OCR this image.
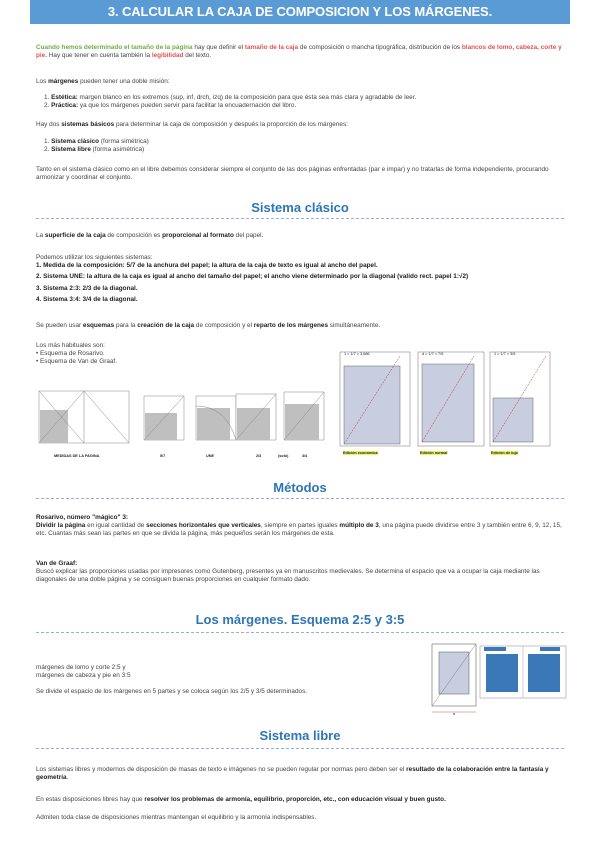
3. CALCULAR LA CAJA DE COMPOSICION Y LOS MÁRGENES.
Cuando hemos determinado el tamaño de la página hay que definir el tamaño de la caja de composición o mancha tipográfica, distribución de los blancos de lomo, cabeza, corte y pie. Hay que tener en cuenta también la legibilidad del texto.
Los márgenes pueden tener una doble misión:
1. Estética: margen blanco en los extremos (sup, inf, drch, izq) de la composición para que ésta sea más clara y agradable de leer.
2. Práctica: ya que los márgenes pueden servir para facilitar la encuadernación del libro.
Hay dos sistemas básicos para determinar la caja de composición y después la proporción de los márgenes:
1. Sistema clásico (forma simétrica)
2. Sistema libre (forma asimétrica)
Tanto en el sistema clásico como en el libre debemos considerar siempre el conjunto de las dos páginas enfrentadas (par e impar) y no tratarlas de forma independiente, procurando armonizar y coordinar el conjunto.
Sistema clásico
La superficie de la caja de composición es proporcional al formato del papel.
Podemos utilizar los siguientes sistemas:
1. Medida de la composición: 5/7 de la anchura del papel; la altura de la caja de texto es igual al ancho del papel.
2. Sistema UNE: la altura de la caja es igual al ancho del tamaño del papel; el ancho viene determinado por la diagonal (valido rect. papel 1:√2)
3. Sistema 2:3: 2/3 de la diagonal.
4. Sistema 3:4: 3/4 de la diagonal.
Se pueden usar esquemas para la creación de la caja de composición y el reparto de los márgenes simultáneamente.
Los más habituales son:
• Esquema de Rosarivo.
• Esquema de Van de Graaf.
MEDIDAS DE LA PAGINA	5/7	UNE	2/3	(solo)	3/4
1 = 1/7 × 3,666	d = 1/7 × 7/5	1 = 1/7 × 3/5
Edición económica	Edición normal	Edición de lujo
Métodos
Rosarivo, número "mágico" 3:
Dividir la página en igual cantidad de secciones horizontales que verticales, siempre en partes iguales múltiplo de 3, una página puede dividirse entre 3 y también entre 6, 9, 12, 15, etc. Cuantas más sean las partes en que se divida la página, más pequeños serán los márgenes de esta.
Van de Graaf:
Buscó explicar las proporciones usadas por impresores como Gutenberg, presentes ya en manuscritos medievales. Se determina el espacio que va a ocupar la caja mediante las diagonales de una doble página y se consiguen buenas proporciones en cualquier formato dado.
Los márgenes. Esquema 2:5 y 3:5
márgenes de lomo y corte 2:5 y
márgenes de cabeza y pie en 3:5
Se divide el espacio de los márgenes en 5 partes y se coloca según los 2/5 y 3/5 determinados.
Sistema libre
Los sistemas libres y modernos de disposición de masas de texto e imágenes no se pueden regular por normas pero deben ser el resultado de la colaboración entre la fantasía y geometría.
En estas disposiciones libres hay que resolver los problemas de armonía, equilibrio, proporción, etc., con educación visual y buen gusto.
Admiten toda clase de disposiciones mientras mantengan el equilibrio y la armonía indispensables.
